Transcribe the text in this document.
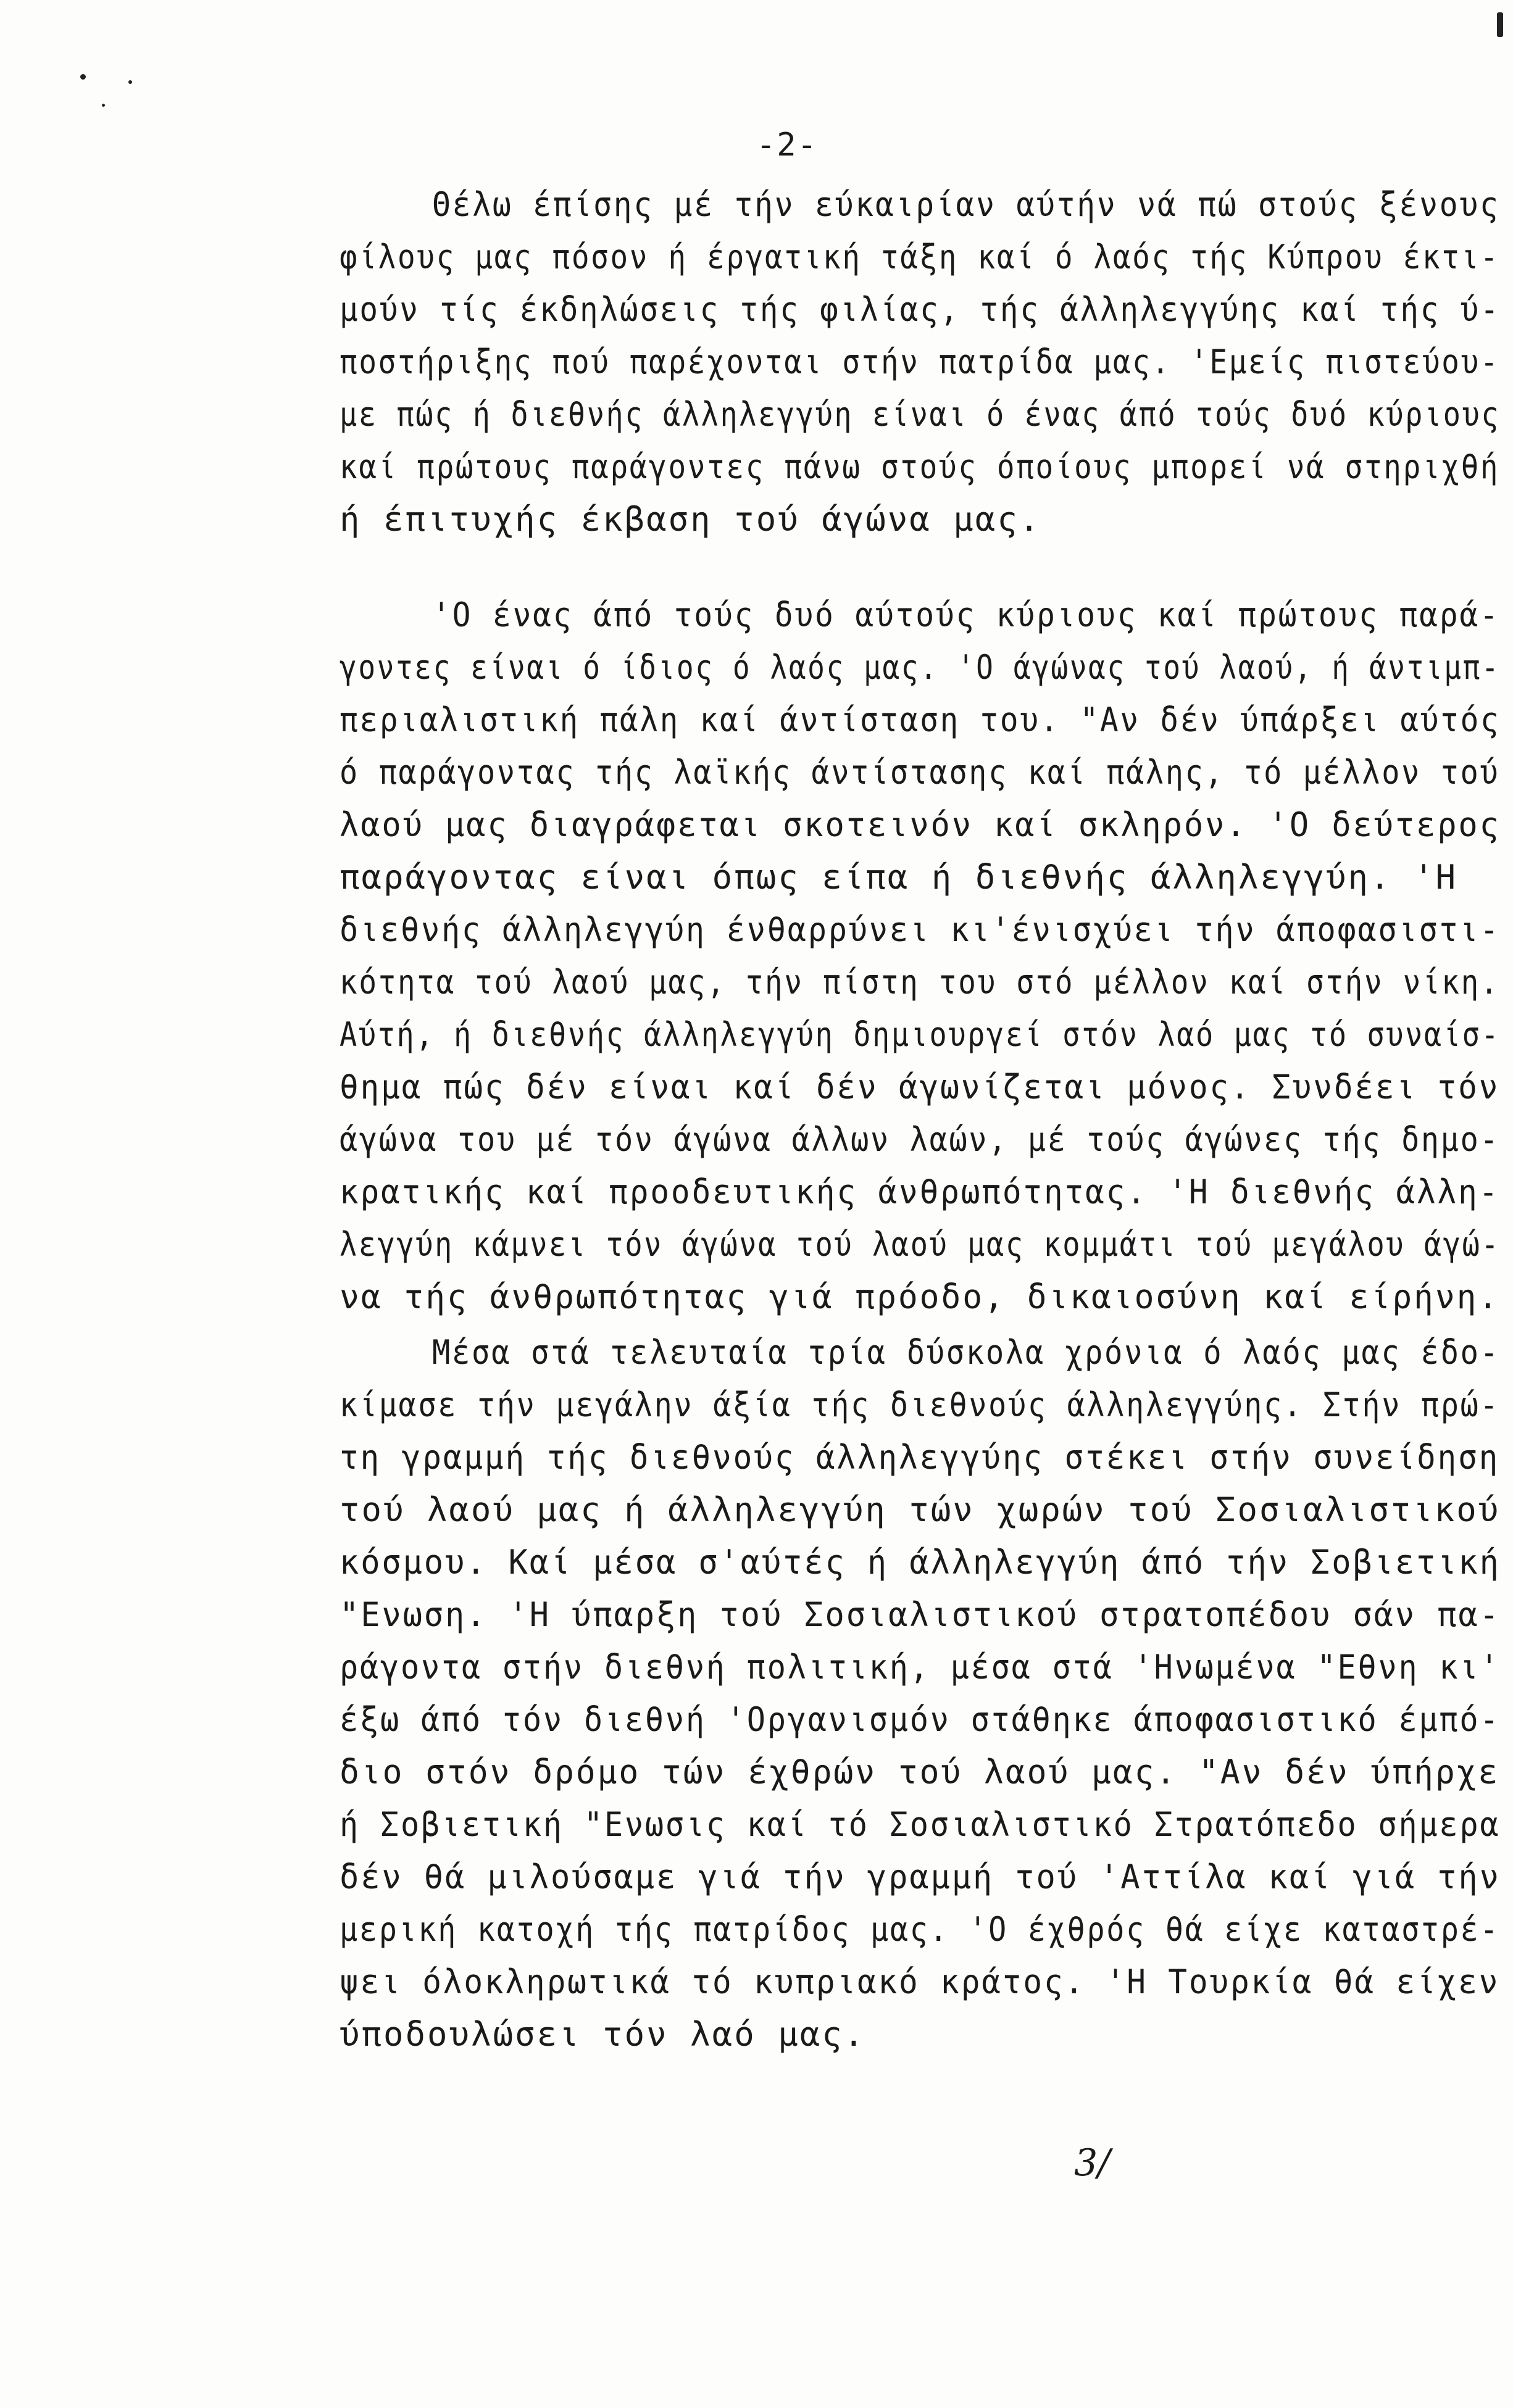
-2-
Θέλω έπίσης μέ τήν εύκαιρίαν αύτήν νά πώ στούς ξένους
φίλους μας πόσον ή έργατική τάξη καί ό λαός τής Κύπρου έκτι-
μούν τίς έκδηλώσεις τής φιλίας, τής άλληλεγγύης καί τής ύ-
ποστήριξης πού παρέχονται στήν πατρίδα μας. 'Εμείς πιστεύου-
με πώς ή διεθνής άλληλεγγύη είναι ό ένας άπό τούς δυό κύριους
καί πρώτους παράγοντες πάνω στούς όποίους μπορεί νά στηριχθή
ή έπιτυχής έκβαση τού άγώνα μας.
'Ο ένας άπό τούς δυό αύτούς κύριους καί πρώτους παρά-
γοντες είναι ό ίδιος ό λαός μας. 'Ο άγώνας τού λαού, ή άντιμπ-
περιαλιστική πάλη καί άντίσταση του. "Αν δέν ύπάρξει αύτός
ό παράγοντας τής λαϊκής άντίστασης καί πάλης, τό μέλλον τού
λαού μας διαγράφεται σκοτεινόν καί σκληρόν. 'Ο δεύτερος
παράγοντας είναι όπως είπα ή διεθνής άλληλεγγύη. 'Η
διεθνής άλληλεγγύη ένθαρρύνει κι'ένισχύει τήν άποφασιστι-
κότητα τού λαού μας, τήν πίστη του στό μέλλον καί στήν νίκη.
Αύτή, ή διεθνής άλληλεγγύη δημιουργεί στόν λαό μας τό συναίσ-
θημα πώς δέν είναι καί δέν άγωνίζεται μόνος. Συνδέει τόν
άγώνα του μέ τόν άγώνα άλλων λαών, μέ τούς άγώνες τής δημο-
κρατικής καί προοδευτικής άνθρωπότητας. 'Η διεθνής άλλη-
λεγγύη κάμνει τόν άγώνα τού λαού μας κομμάτι τού μεγάλου άγώ-
να τής άνθρωπότητας γιά πρόοδο, δικαιοσύνη καί είρήνη.
Μέσα στά τελευταία τρία δύσκολα χρόνια ό λαός μας έδο-
κίμασε τήν μεγάλην άξία τής διεθνούς άλληλεγγύης. Στήν πρώ-
τη γραμμή τής διεθνούς άλληλεγγύης στέκει στήν συνείδηση
τού λαού μας ή άλληλεγγύη τών χωρών τού Σοσιαλιστικού
κόσμου. Καί μέσα σ'αύτές ή άλληλεγγύη άπό τήν Σοβιετική
"Ενωση. 'Η ύπαρξη τού Σοσιαλιστικού στρατοπέδου σάν πα-
ράγοντα στήν διεθνή πολιτική, μέσα στά 'Ηνωμένα "Εθνη κι'
έξω άπό τόν διεθνή 'Οργανισμόν στάθηκε άποφασιστικό έμπό-
διο στόν δρόμο τών έχθρών τού λαού μας. "Αν δέν ύπήρχε
ή Σοβιετική "Ενωσις καί τό Σοσιαλιστικό Στρατόπεδο σήμερα
δέν θά μιλούσαμε γιά τήν γραμμή τού 'Αττίλα καί γιά τήν
μερική κατοχή τής πατρίδος μας. 'Ο έχθρός θά είχε καταστρέ-
ψει όλοκληρωτικά τό κυπριακό κράτος. 'Η Τουρκία θά είχεν
ύποδουλώσει τόν λαό μας.
3/
